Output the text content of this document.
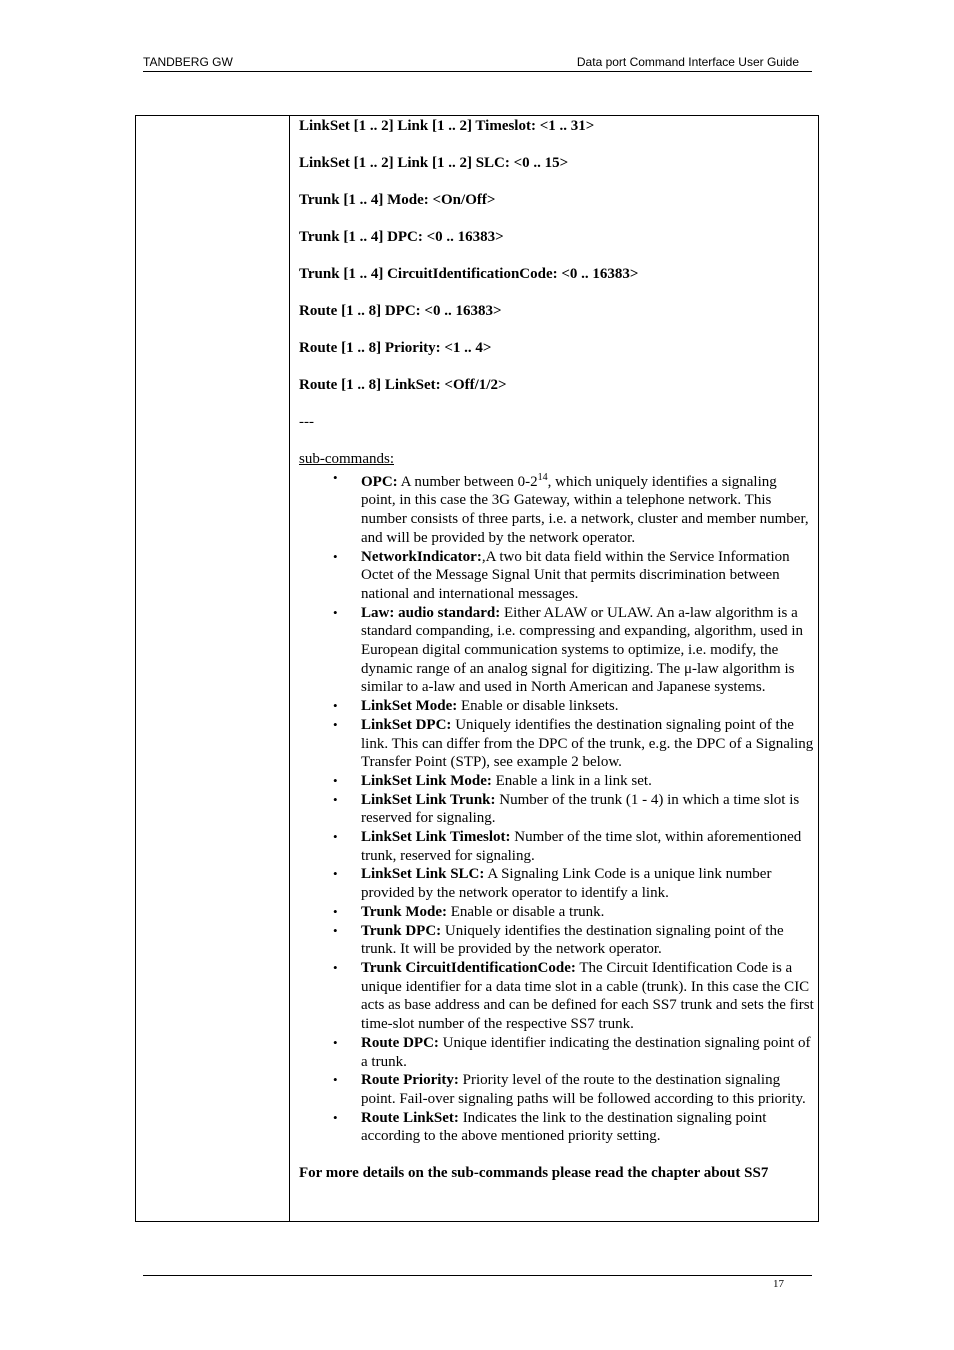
TANDBERG GW	Data port Command Interface User Guide
LinkSet [1 .. 2] Link [1 .. 2] Timeslot: <1 .. 31>
LinkSet [1 .. 2] Link [1 .. 2] SLC: <0 .. 15>
Trunk [1 .. 4] Mode: <On/Off>
Trunk [1 .. 4] DPC: <0 .. 16383>
Trunk [1 .. 4] CircuitIdentificationCode: <0 .. 16383>
Route [1 .. 8] DPC: <0 .. 16383>
Route [1 .. 8] Priority: <1 .. 4>
Route [1 .. 8] LinkSet: <Off/1/2>
---
sub-commands:
• OPC: A number between $0-2^{14}$, which uniquely identifies a signaling point, in this case the 3G Gateway, within a telephone network. This number consists of three parts, i.e. a network, cluster and member number, and will be provided by the network operator.
• NetworkIndicator:,A two bit data field within the Service Information Octet of the Message Signal Unit that permits discrimination between national and international messages.
• Law: audio standard: Either ALAW or ULAW. An a-law algorithm is a standard companding, i.e. compressing and expanding, algorithm, used in European digital communication systems to optimize, i.e. modify, the dynamic range of an analog signal for digitizing. The μ-law algorithm is similar to a-law and used in North American and Japanese systems.
• LinkSet Mode: Enable or disable linksets.
• LinkSet DPC: Uniquely identifies the destination signaling point of the link. This can differ from the DPC of the trunk, e.g. the DPC of a Signaling Transfer Point (STP), see example 2 below.
• LinkSet Link Mode: Enable a link in a link set.
• LinkSet Link Trunk: Number of the trunk (1 - 4) in which a time slot is reserved for signaling.
• LinkSet Link Timeslot: Number of the time slot, within aforementioned trunk, reserved for signaling.
• LinkSet Link SLC: A Signaling Link Code is a unique link number provided by the network operator to identify a link.
• Trunk Mode: Enable or disable a trunk.
• Trunk DPC: Uniquely identifies the destination signaling point of the trunk. It will be provided by the network operator.
• Trunk CircuitIdentificationCode: The Circuit Identification Code is a unique identifier for a data time slot in a cable (trunk). In this case the CIC acts as base address and can be defined for each SS7 trunk and sets the first time-slot number of the respective SS7 trunk.
• Route DPC: Unique identifier indicating the destination signaling point of a trunk.
• Route Priority: Priority level of the route to the destination signaling point. Fail-over signaling paths will be followed according to this priority.
• Route LinkSet: Indicates the link to the destination signaling point according to the above mentioned priority setting.
For more details on the sub-commands please read the chapter about SS7
17
